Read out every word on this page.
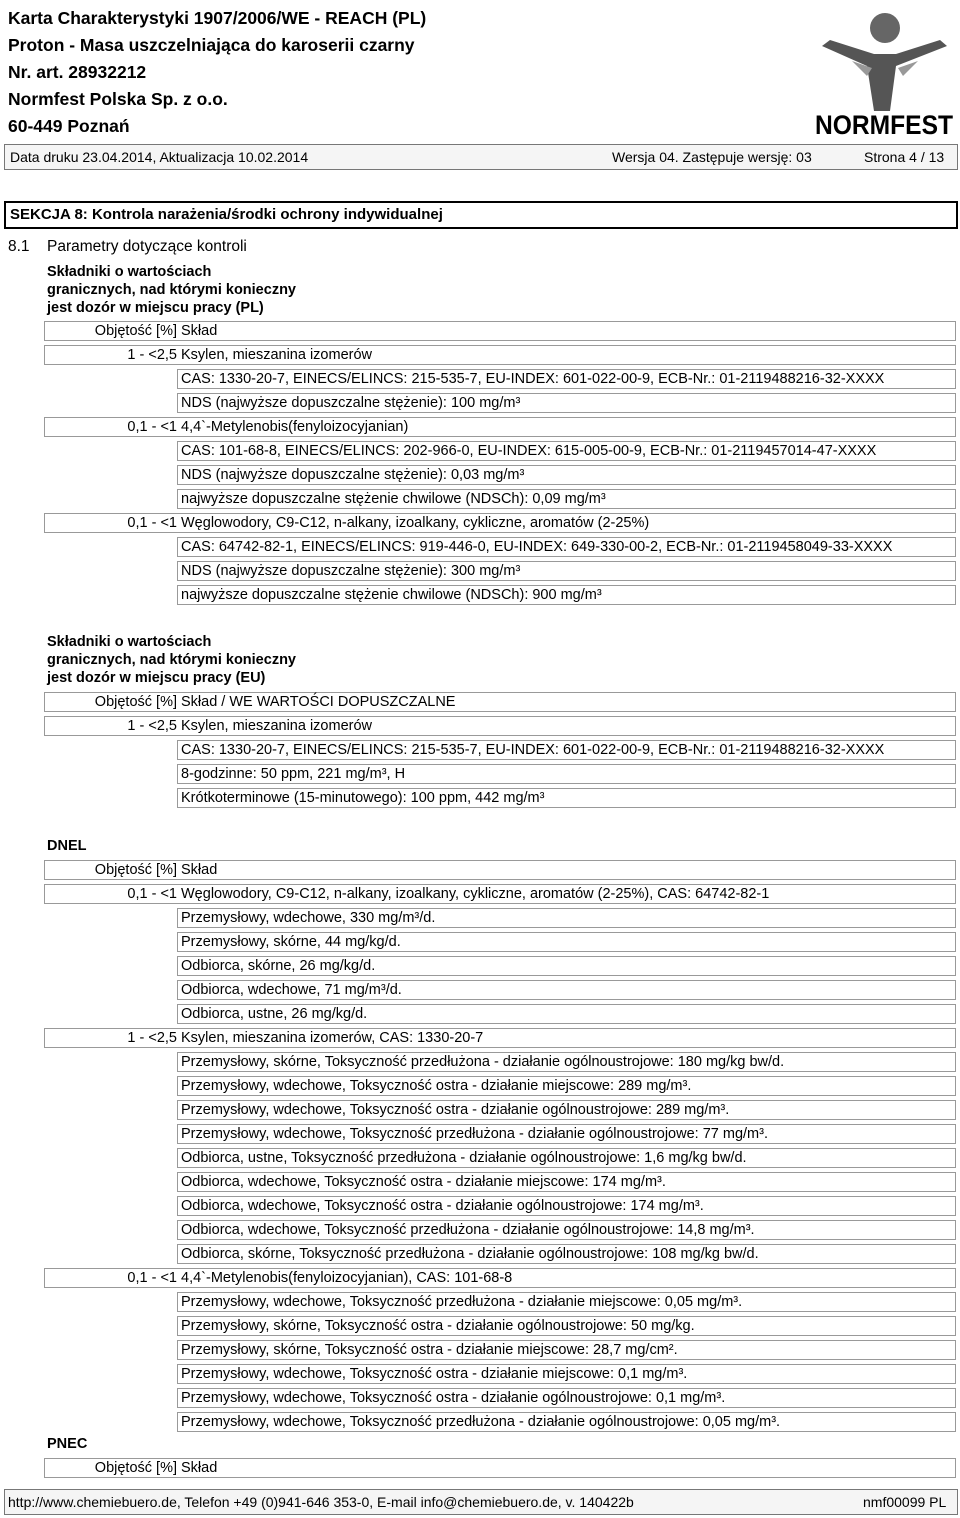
Karta Charakterystyki 1907/2006/WE - REACH (PL)
Proton - Masa uszczelniająca do karoserii czarny
Nr. art. 28932212
Normfest Polska Sp. z o.o.
60-449 Poznań	NORMFEST
Data druku 23.04.2014, Aktualizacja 10.02.2014	Wersja 04. Zastępuje wersję: 03	Strona 4 / 13
SEKCJA 8: Kontrola narażenia/środki ochrony indywidualnej
8.1 Parametry dotyczące kontroli
Składniki o wartościach
granicznych, nad którymi konieczny
jest dozór w miejscu pracy (PL)
Objętość [%] Skład
1 - <2,5 Ksylen, mieszanina izomerów
CAS: 1330-20-7, EINECS/ELINCS: 215-535-7, EU-INDEX: 601-022-00-9, ECB-Nr.: 01-2119488216-32-XXXX
NDS (najwyższe dopuszczalne stężenie): 100 mg/m³
0,1 - <1 4,4`-Metylenobis(fenyloizocyjanian)
CAS: 101-68-8, EINECS/ELINCS: 202-966-0, EU-INDEX: 615-005-00-9, ECB-Nr.: 01-2119457014-47-XXXX
NDS (najwyższe dopuszczalne stężenie): 0,03 mg/m³
najwyższe dopuszczalne stężenie chwilowe (NDSCh): 0,09 mg/m³
0,1 - <1 Węglowodory, C9-C12, n-alkany, izoalkany, cykliczne, aromatów (2-25%)
CAS: 64742-82-1, EINECS/ELINCS: 919-446-0, EU-INDEX: 649-330-00-2, ECB-Nr.: 01-2119458049-33-XXXX
NDS (najwyższe dopuszczalne stężenie): 300 mg/m³
najwyższe dopuszczalne stężenie chwilowe (NDSCh): 900 mg/m³
Składniki o wartościach
granicznych, nad którymi konieczny
jest dozór w miejscu pracy (EU)
Objętość [%] Skład / WE WARTOŚCI DOPUSZCZALNE
1 - <2,5 Ksylen, mieszanina izomerów
CAS: 1330-20-7, EINECS/ELINCS: 215-535-7, EU-INDEX: 601-022-00-9, ECB-Nr.: 01-2119488216-32-XXXX
8-godzinne: 50 ppm, 221 mg/m³, H
Krótkoterminowe (15-minutowego): 100 ppm, 442 mg/m³
DNEL
Objętość [%] Skład
0,1 - <1 Węglowodory, C9-C12, n-alkany, izoalkany, cykliczne, aromatów (2-25%), CAS: 64742-82-1
Przemysłowy, wdechowe, 330 mg/m³/d.
Przemysłowy, skórne, 44 mg/kg/d.
Odbiorca, skórne, 26 mg/kg/d.
Odbiorca, wdechowe, 71 mg/m³/d.
Odbiorca, ustne, 26 mg/kg/d.
1 - <2,5 Ksylen, mieszanina izomerów, CAS: 1330-20-7
Przemysłowy, skórne, Toksyczność przedłużona - działanie ogólnoustrojowe: 180 mg/kg bw/d.
Przemysłowy, wdechowe, Toksyczność ostra - działanie miejscowe: 289 mg/m³.
Przemysłowy, wdechowe, Toksyczność ostra - działanie ogólnoustrojowe: 289 mg/m³.
Przemysłowy, wdechowe, Toksyczność przedłużona - działanie ogólnoustrojowe: 77 mg/m³.
Odbiorca, ustne, Toksyczność przedłużona - działanie ogólnoustrojowe: 1,6 mg/kg bw/d.
Odbiorca, wdechowe, Toksyczność ostra - działanie miejscowe: 174 mg/m³.
Odbiorca, wdechowe, Toksyczność ostra - działanie ogólnoustrojowe: 174 mg/m³.
Odbiorca, wdechowe, Toksyczność przedłużona - działanie ogólnoustrojowe: 14,8 mg/m³.
Odbiorca, skórne, Toksyczność przedłużona - działanie ogólnoustrojowe: 108 mg/kg bw/d.
0,1 - <1 4,4`-Metylenobis(fenyloizocyjanian), CAS: 101-68-8
Przemysłowy, wdechowe, Toksyczność przedłużona - działanie miejscowe: 0,05 mg/m³.
Przemysłowy, skórne, Toksyczność ostra - działanie ogólnoustrojowe: 50 mg/kg.
Przemysłowy, skórne, Toksyczność ostra - działanie miejscowe: 28,7 mg/cm².
Przemysłowy, wdechowe, Toksyczność ostra - działanie miejscowe: 0,1 mg/m³.
Przemysłowy, wdechowe, Toksyczność ostra - działanie ogólnoustrojowe: 0,1 mg/m³.
Przemysłowy, wdechowe, Toksyczność przedłużona - działanie ogólnoustrojowe: 0,05 mg/m³.
PNEC
Objętość [%] Skład
http://www.chemiebuero.de, Telefon +49 (0)941-646 353-0, E-mail info@chemiebuero.de, v. 140422b	nmf00099 PL
